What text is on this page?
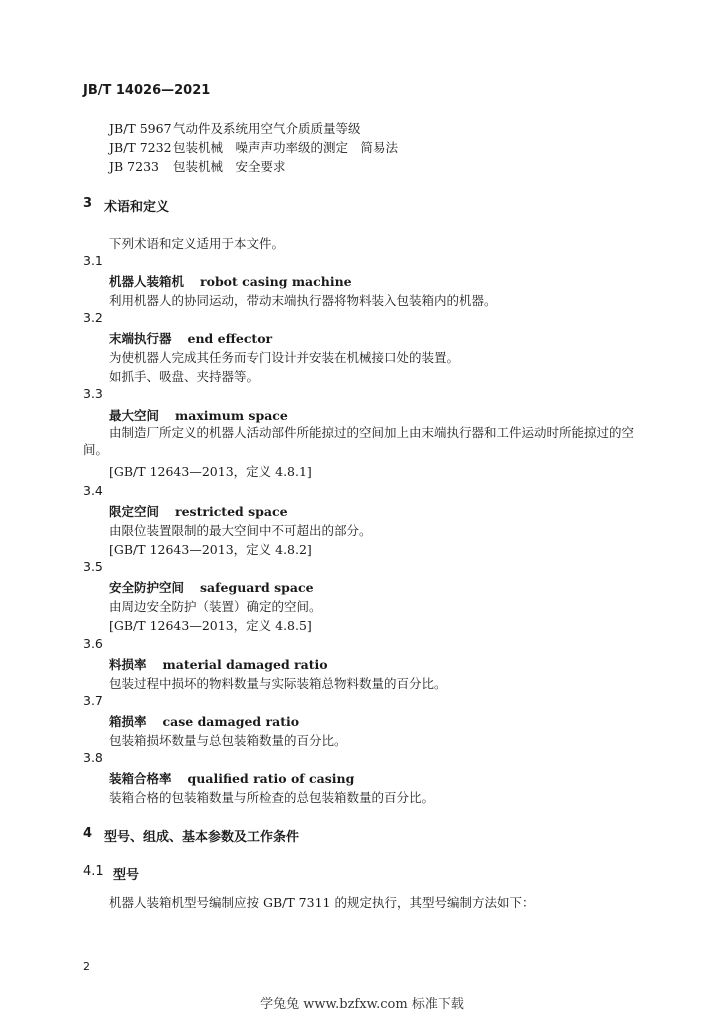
JB/T 14026—2021
JB/T 5967气动件及系统用空气介质质量等级
JB/T 7232包装机械　噪声声功率级的测定　简易法
JB 7233 包装机械　安全要求
3 术语和定义
下列术语和定义适用于本文件。
3.1
机器人装箱机 robot casing machine
利用机器人的协同运动，带动末端执行器将物料装入包装箱内的机器。
3.2
末端执行器 end effector
为使机器人完成其任务而专门设计并安装在机械接口处的装置。
如抓手、吸盘、夹持器等。
3.3
最大空间 maximum space
由制造厂所定义的机器人活动部件所能掠过的空间加上由末端执行器和工件运动时所能掠过的空间。
[GB/T 12643—2013，定义 4.8.1]
3.4
限定空间 restricted space
由限位装置限制的最大空间中不可超出的部分。
[GB/T 12643—2013，定义 4.8.2]
3.5
安全防护空间 safeguard space
由周边安全防护（装置）确定的空间。
[GB/T 12643—2013，定义 4.8.5]
3.6
料损率 material damaged ratio
包装过程中损坏的物料数量与实际装箱总物料数量的百分比。
3.7
箱损率 case damaged ratio
包装箱损坏数量与总包装箱数量的百分比。
3.8
装箱合格率 qualified ratio of casing
装箱合格的包装箱数量与所检查的总包装箱数量的百分比。
4 型号、组成、基本参数及工作条件
4.1 型号
机器人装箱机型号编制应按 GB/T 7311 的规定执行，其型号编制方法如下：
2
学兔兔 www.bzfxw.com 标准下载
